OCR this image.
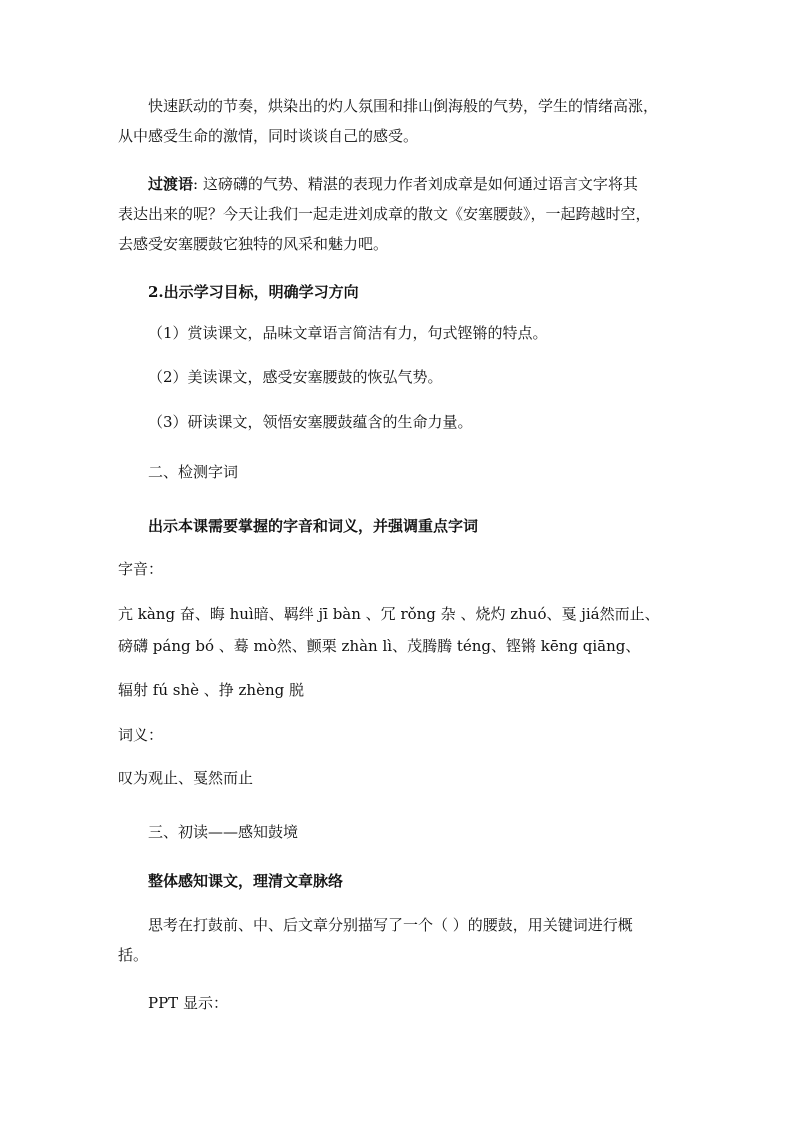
快速跃动的节奏，烘染出的灼人氛围和排山倒海般的气势，学生的情绪高涨，
从中感受生命的激情，同时谈谈自己的感受。
过渡语: 这磅礴的气势、精湛的表现力作者刘成章是如何通过语言文字将其
表达出来的呢？今天让我们一起走进刘成章的散文《安塞腰鼓》，一起跨越时空，
去感受安塞腰鼓它独特的风采和魅力吧。
2.出示学习目标，明确学习方向
（1）赏读课文，品味文章语言简洁有力，句式铿锵的特点。
（2）美读课文，感受安塞腰鼓的恢弘气势。
（3）研读课文，领悟安塞腰鼓蕴含的生命力量。
二、检测字词
出示本课需要掌握的字音和词义，并强调重点字词
字音：
亢 kàng 奋、晦 huì暗、羁绊 jī bàn 、冗 rǒng 杂 、烧灼 zhuó、戛 jiá然而止、
磅礴 páng bó 、蓦 mò然、颤栗 zhàn lì、茂腾腾 téng、铿锵 kēng qiāng、
辐射 fú shè 、挣 zhèng 脱
词义：
叹为观止、戛然而止
三、初读——感知鼓境
整体感知课文，理清文章脉络
思考在打鼓前、中、后文章分别描写了一个（ ）的腰鼓，用关键词进行概
括。
PPT 显示：
